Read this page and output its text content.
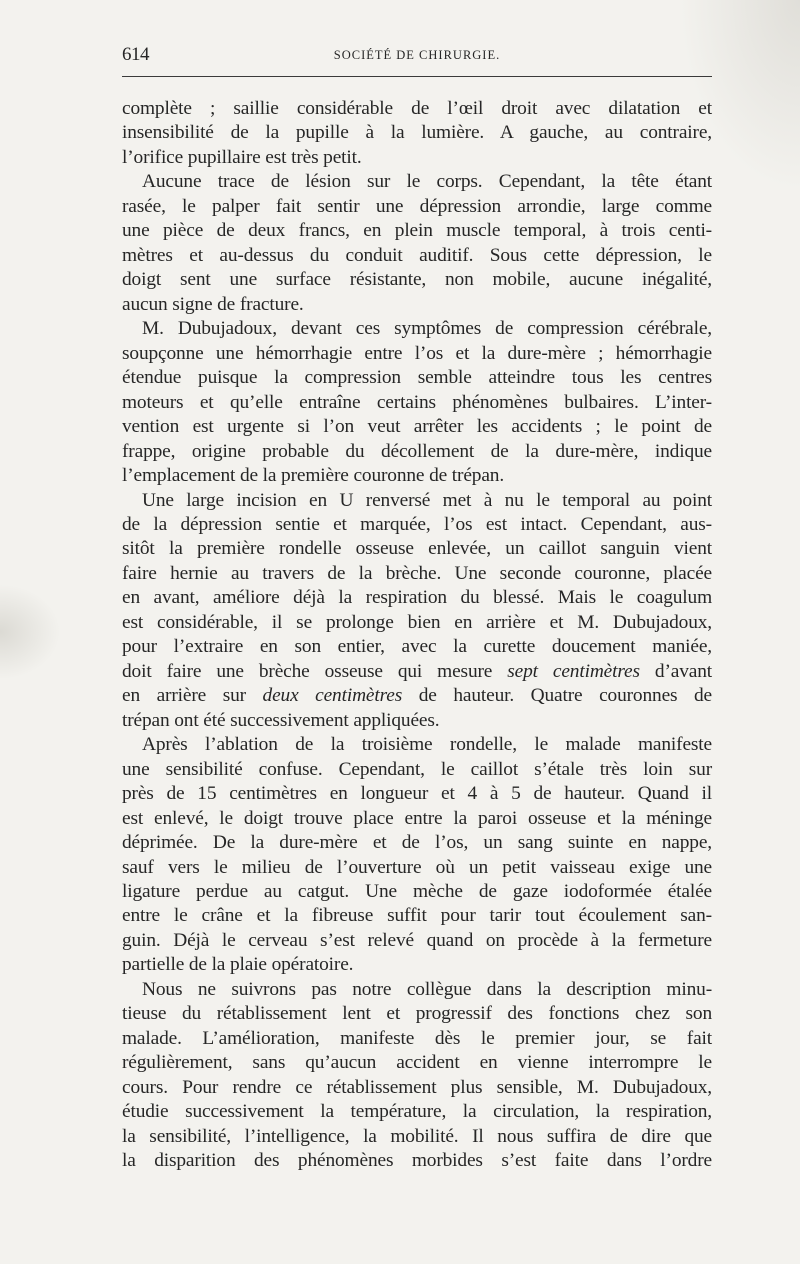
614	SOCIÉTÉ DE CHIRURGIE.
complète ; saillie considérable de l’œil droit avec dilatation et
insensibilité de la pupille à la lumière. A gauche, au contraire,
l’orifice pupillaire est très petit.
Aucune trace de lésion sur le corps. Cependant, la tête étant
rasée, le palper fait sentir une dépression arrondie, large comme
une pièce de deux francs, en plein muscle temporal, à trois centi-
mètres et au-dessus du conduit auditif. Sous cette dépression, le
doigt sent une surface résistante, non mobile, aucune inégalité,
aucun signe de fracture.
M. Dubujadoux, devant ces symptômes de compression cérébrale,
soupçonne une hémorrhagie entre l’os et la dure-mère ; hémorrhagie
étendue puisque la compression semble atteindre tous les centres
moteurs et qu’elle entraîne certains phénomènes bulbaires. L’inter-
vention est urgente si l’on veut arrêter les accidents ; le point de
frappe, origine probable du décollement de la dure-mère, indique
l’emplacement de la première couronne de trépan.
Une large incision en U renversé met à nu le temporal au point
de la dépression sentie et marquée, l’os est intact. Cependant, aus-
sitôt la première rondelle osseuse enlevée, un caillot sanguin vient
faire hernie au travers de la brèche. Une seconde couronne, placée
en avant, améliore déjà la respiration du blessé. Mais le coagulum
est considérable, il se prolonge bien en arrière et M. Dubujadoux,
pour l’extraire en son entier, avec la curette doucement maniée,
doit faire une brèche osseuse qui mesure sept centimètres d’avant
en arrière sur deux centimètres de hauteur. Quatre couronnes de
trépan ont été successivement appliquées.
Après l’ablation de la troisième rondelle, le malade manifeste
une sensibilité confuse. Cependant, le caillot s’étale très loin sur
près de 15 centimètres en longueur et 4 à 5 de hauteur. Quand il
est enlevé, le doigt trouve place entre la paroi osseuse et la méninge
déprimée. De la dure-mère et de l’os, un sang suinte en nappe,
sauf vers le milieu de l’ouverture où un petit vaisseau exige une
ligature perdue au catgut. Une mèche de gaze iodoformée étalée
entre le crâne et la fibreuse suffit pour tarir tout écoulement san-
guin. Déjà le cerveau s’est relevé quand on procède à la fermeture
partielle de la plaie opératoire.
Nous ne suivrons pas notre collègue dans la description minu-
tieuse du rétablissement lent et progressif des fonctions chez son
malade. L’amélioration, manifeste dès le premier jour, se fait
régulièrement, sans qu’aucun accident en vienne interrompre le
cours. Pour rendre ce rétablissement plus sensible, M. Dubujadoux,
étudie successivement la température, la circulation, la respiration,
la sensibilité, l’intelligence, la mobilité. Il nous suffira de dire que
la disparition des phénomènes morbides s’est faite dans l’ordre
